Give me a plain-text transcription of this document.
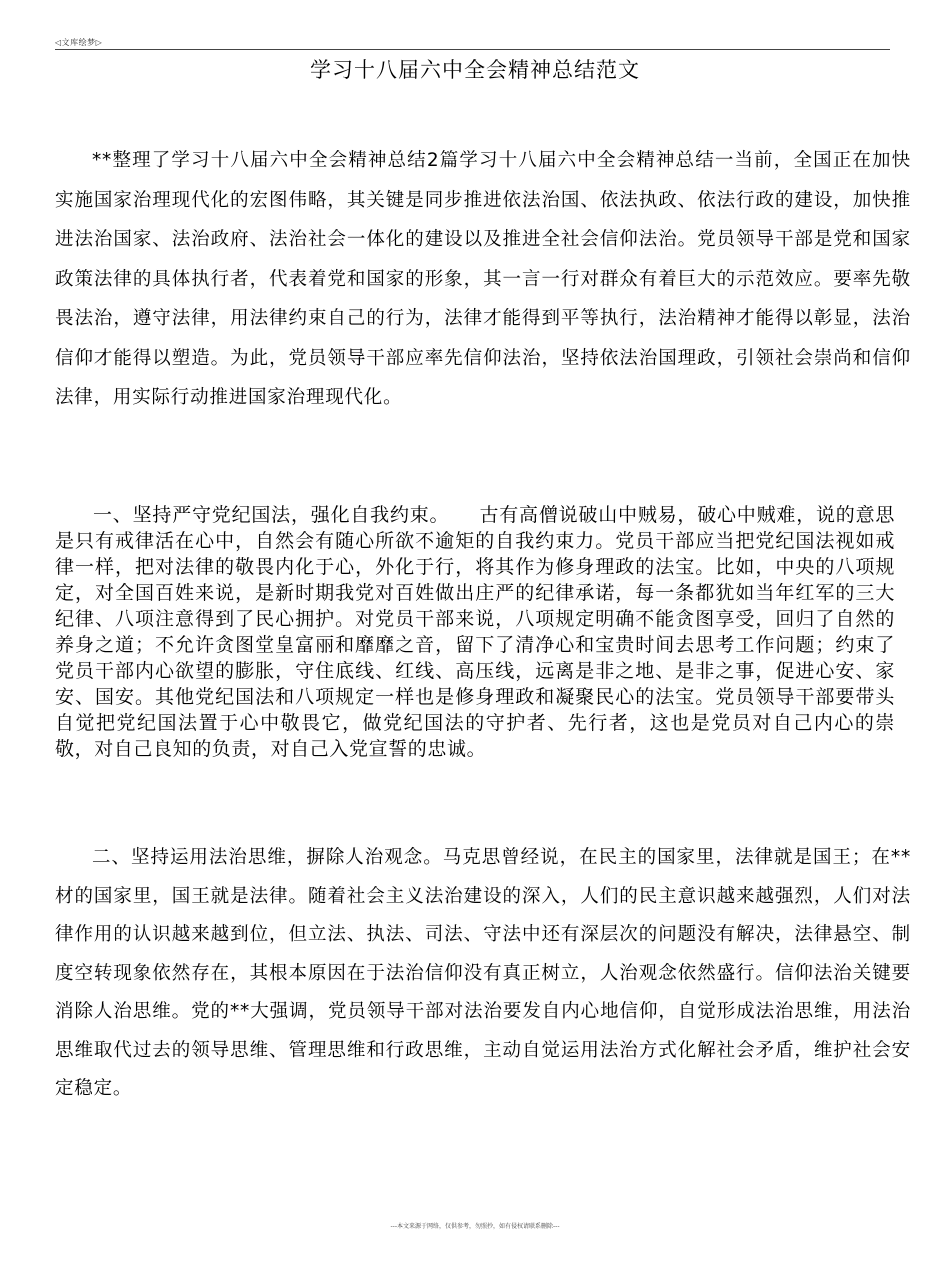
◁文库绘梦▷
学习十八届六中全会精神总结范文

**整理了学习十八届六中全会精神总结2篇学习十八届六中全会精神总结一当前，全国正在加快实施国家治理现代化的宏图伟略，其关键是同步推进依法治国、依法执政、依法行政的建设，加快推进法治国家、法治政府、法治社会一体化的建设以及推进全社会信仰法治。党员领导干部是党和国家政策法律的具体执行者，代表着党和国家的形象，其一言一行对群众有着巨大的示范效应。要率先敬畏法治，遵守法律，用法律约束自己的行为，法律才能得到平等执行，法治精神才能得以彰显，法治信仰才能得以塑造。为此，党员领导干部应率先信仰法治，坚持依法治国理政，引领社会崇尚和信仰法律，用实际行动推进国家治理现代化。

一、坚持严守党纪国法，强化自我约束。　　古有高僧说破山中贼易，破心中贼难，说的意思是只有戒律活在心中，自然会有随心所欲不逾矩的自我约束力。党员干部应当把党纪国法视如戒律一样，把对法律的敬畏内化于心，外化于行，将其作为修身理政的法宝。比如，中央的八项规定，对全国百姓来说，是新时期我党对百姓做出庄严的纪律承诺，每一条都犹如当年红军的三大纪律、八项注意得到了民心拥护。对党员干部来说，八项规定明确不能贪图享受，回归了自然的养身之道；不允许贪图堂皇富丽和靡靡之音，留下了清净心和宝贵时间去思考工作问题；约束了党员干部内心欲望的膨胀，守住底线、红线、高压线，远离是非之地、是非之事，促进心安、家安、国安。其他党纪国法和八项规定一样也是修身理政和凝聚民心的法宝。党员领导干部要带头自觉把党纪国法置于心中敬畏它，做党纪国法的守护者、先行者，这也是党员对自己内心的崇敬，对自己良知的负责，对自己入党宣誓的忠诚。

二、坚持运用法治思维，摒除人治观念。马克思曾经说，在民主的国家里，法律就是国王；在**材的国家里，国王就是法律。随着社会主义法治建设的深入，人们的民主意识越来越强烈，人们对法律作用的认识越来越到位，但立法、执法、司法、守法中还有深层次的问题没有解决，法律悬空、制度空转现象依然存在，其根本原因在于法治信仰没有真正树立，人治观念依然盛行。信仰法治关键要消除人治思维。党的**大强调，党员领导干部对法治要发自内心地信仰，自觉形成法治思维，用法治思维取代过去的领导思维、管理思维和行政思维，主动自觉运用法治方式化解社会矛盾，维护社会安定稳定。

---本文来源于网络，仅供参考，勿照抄，如有侵权请联系删除---
